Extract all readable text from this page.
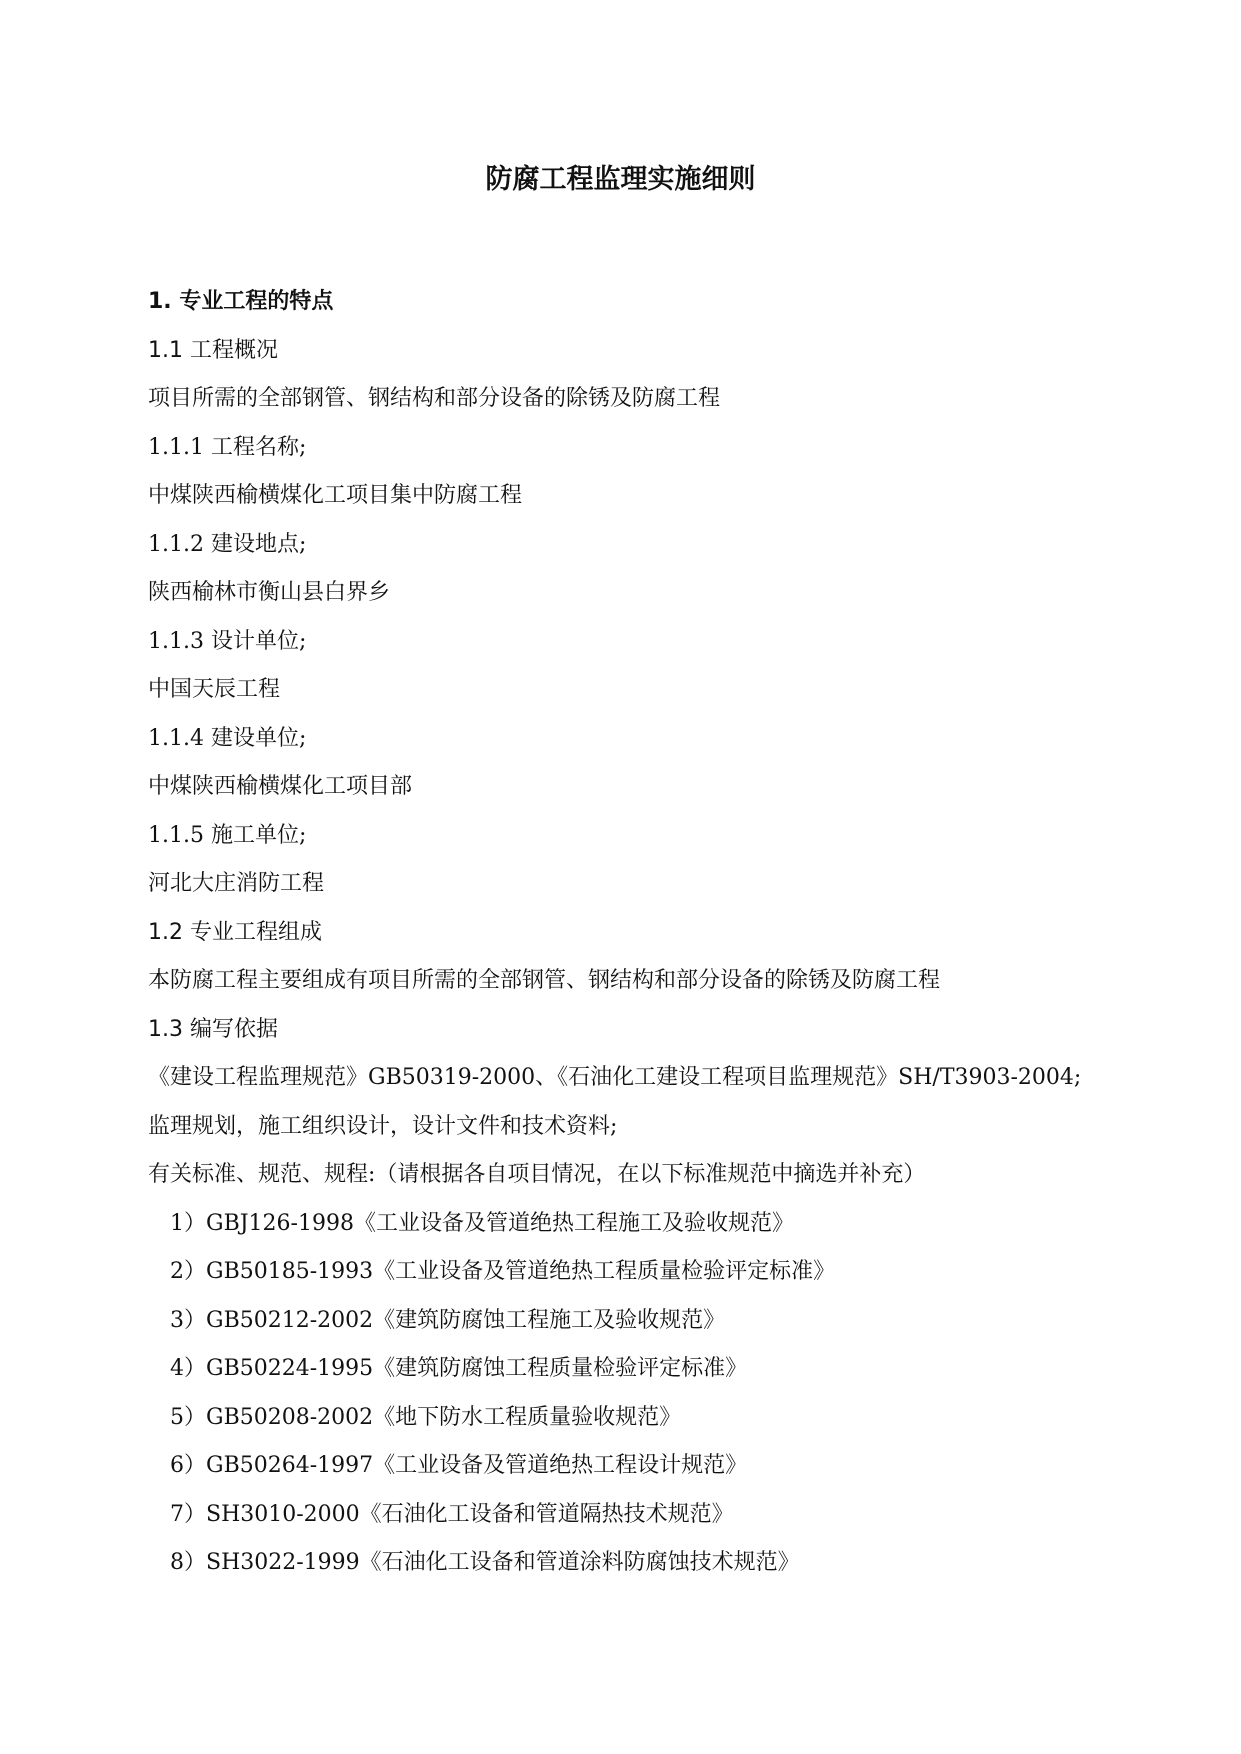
防腐工程监理实施细则
1. 专业工程的特点
1.1 工程概况
项目所需的全部钢管、钢结构和部分设备的除锈及防腐工程
1.1.1 工程名称;
中煤陕西榆横煤化工项目集中防腐工程
1.1.2 建设地点;
陕西榆林市衡山县白界乡
1.1.3 设计单位;
中国天辰工程
1.1.4 建设单位;
中煤陕西榆横煤化工项目部
1.1.5 施工单位;
河北大庄消防工程
1.2 专业工程组成
本防腐工程主要组成有项目所需的全部钢管、钢结构和部分设备的除锈及防腐工程
1.3 编写依据
《建设工程监理规范》GB50319-2000、《石油化工建设工程项目监理规范》SH/T3903-2004;
监理规划，施工组织设计，设计文件和技术资料;
有关标准、规范、规程:（请根据各自项目情况，在以下标准规范中摘选并补充）
1）GBJ126-1998《工业设备及管道绝热工程施工及验收规范》
2）GB50185-1993《工业设备及管道绝热工程质量检验评定标准》
3）GB50212-2002《建筑防腐蚀工程施工及验收规范》
4）GB50224-1995《建筑防腐蚀工程质量检验评定标准》
5）GB50208-2002《地下防水工程质量验收规范》
6）GB50264-1997《工业设备及管道绝热工程设计规范》
7）SH3010-2000《石油化工设备和管道隔热技术规范》
8）SH3022-1999《石油化工设备和管道涂料防腐蚀技术规范》
